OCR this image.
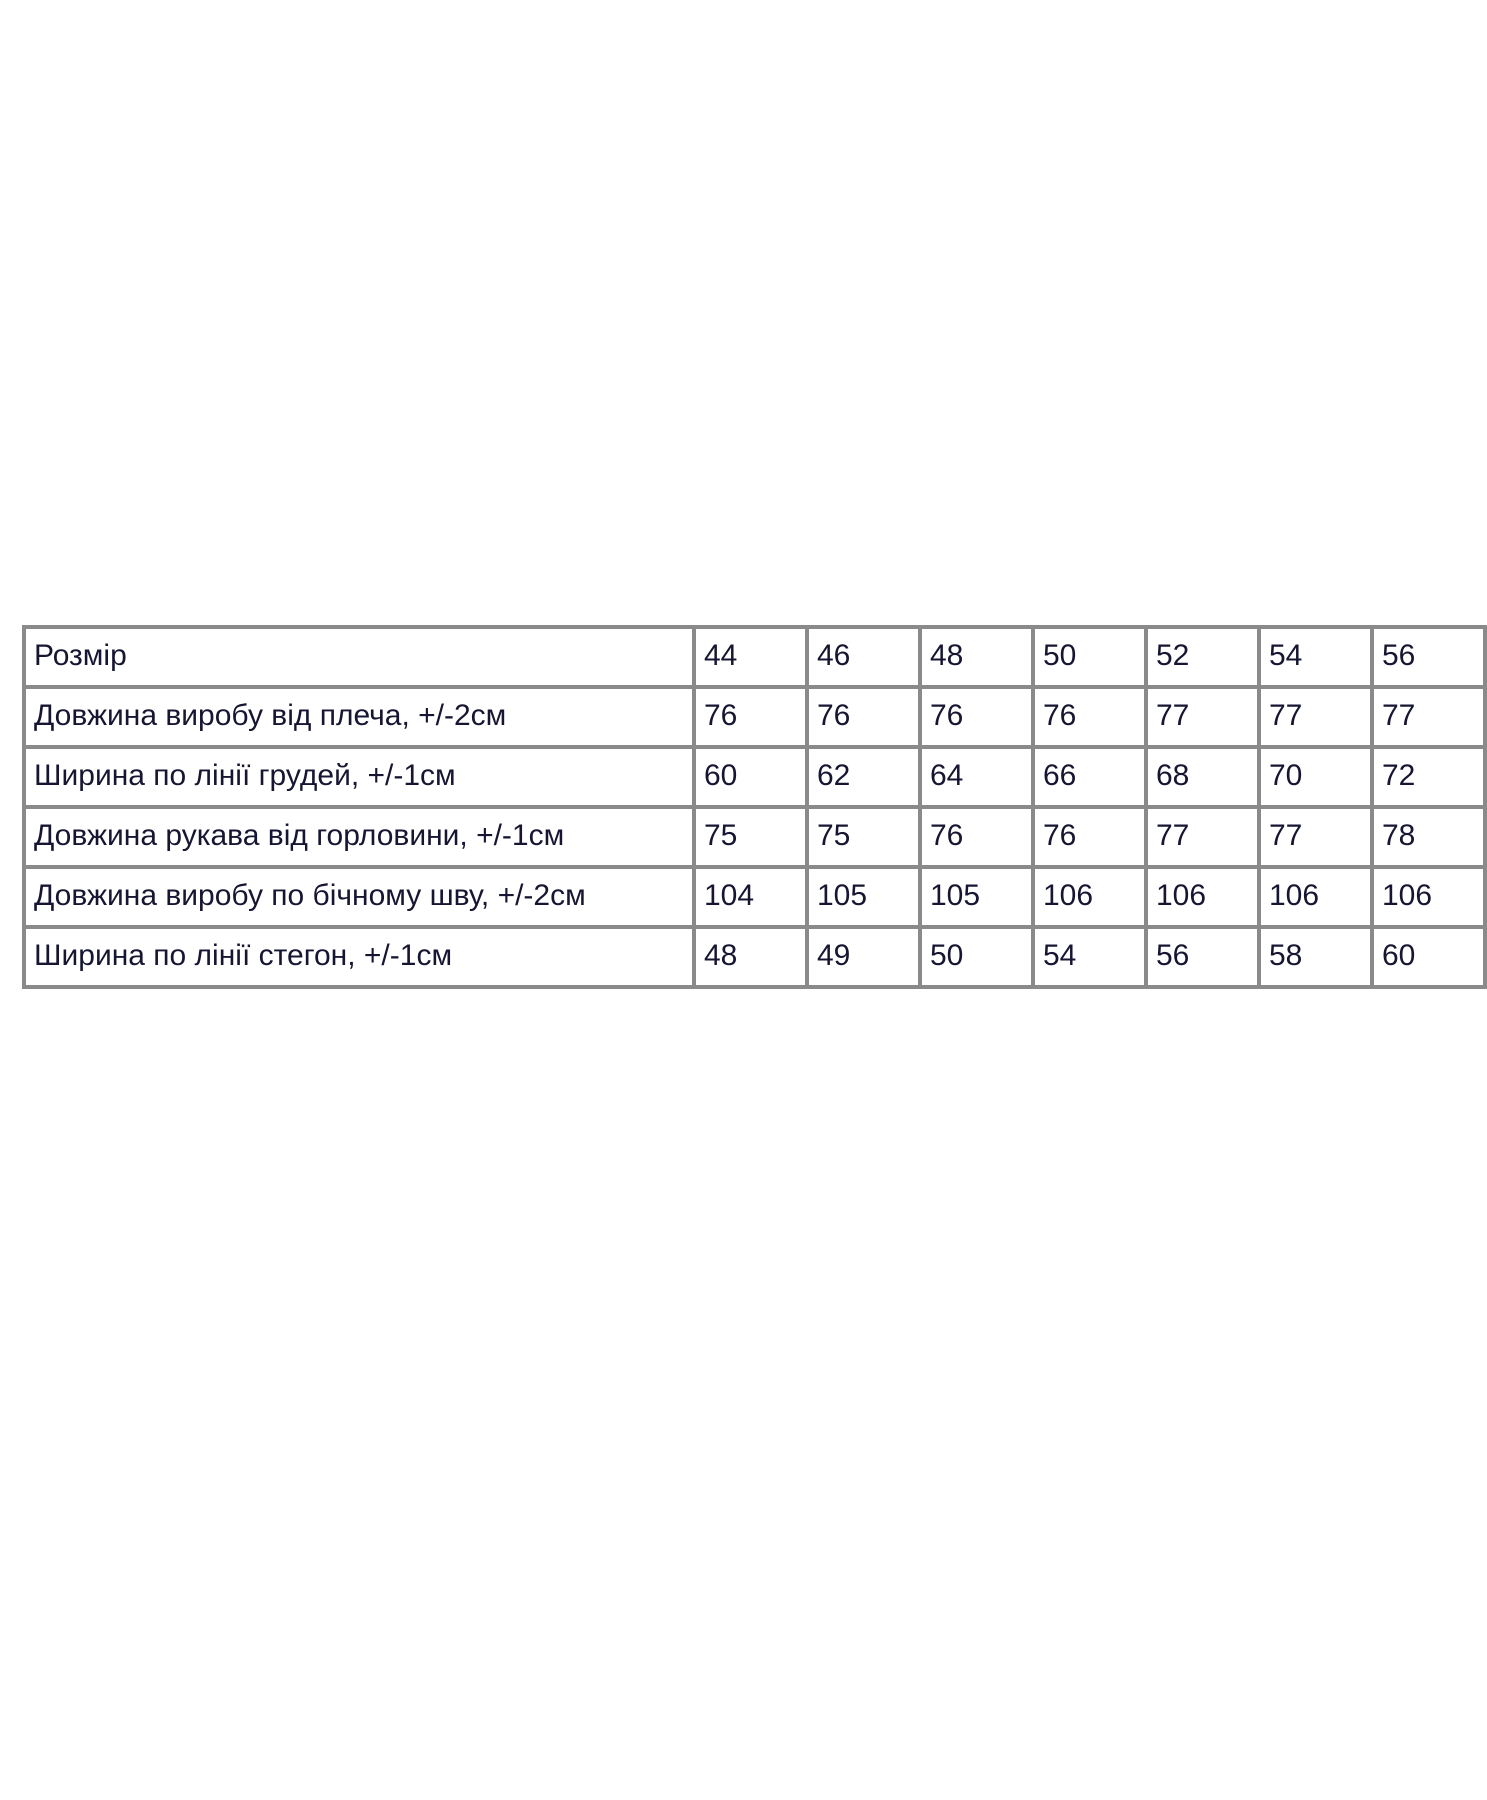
Розмір	44	46	48	50	52	54	56
Довжина виробу від плеча, +/-2см	76	76	76	76	77	77	77
Ширина по лінії грудей, +/-1см	60	62	64	66	68	70	72
Довжина рукава від горловини, +/-1см	75	75	76	76	77	77	78
Довжина виробу по бічному шву, +/-2см	104	105	105	106	106	106	106
Ширина по лінії стегон, +/-1см	48	49	50	54	56	58	60
